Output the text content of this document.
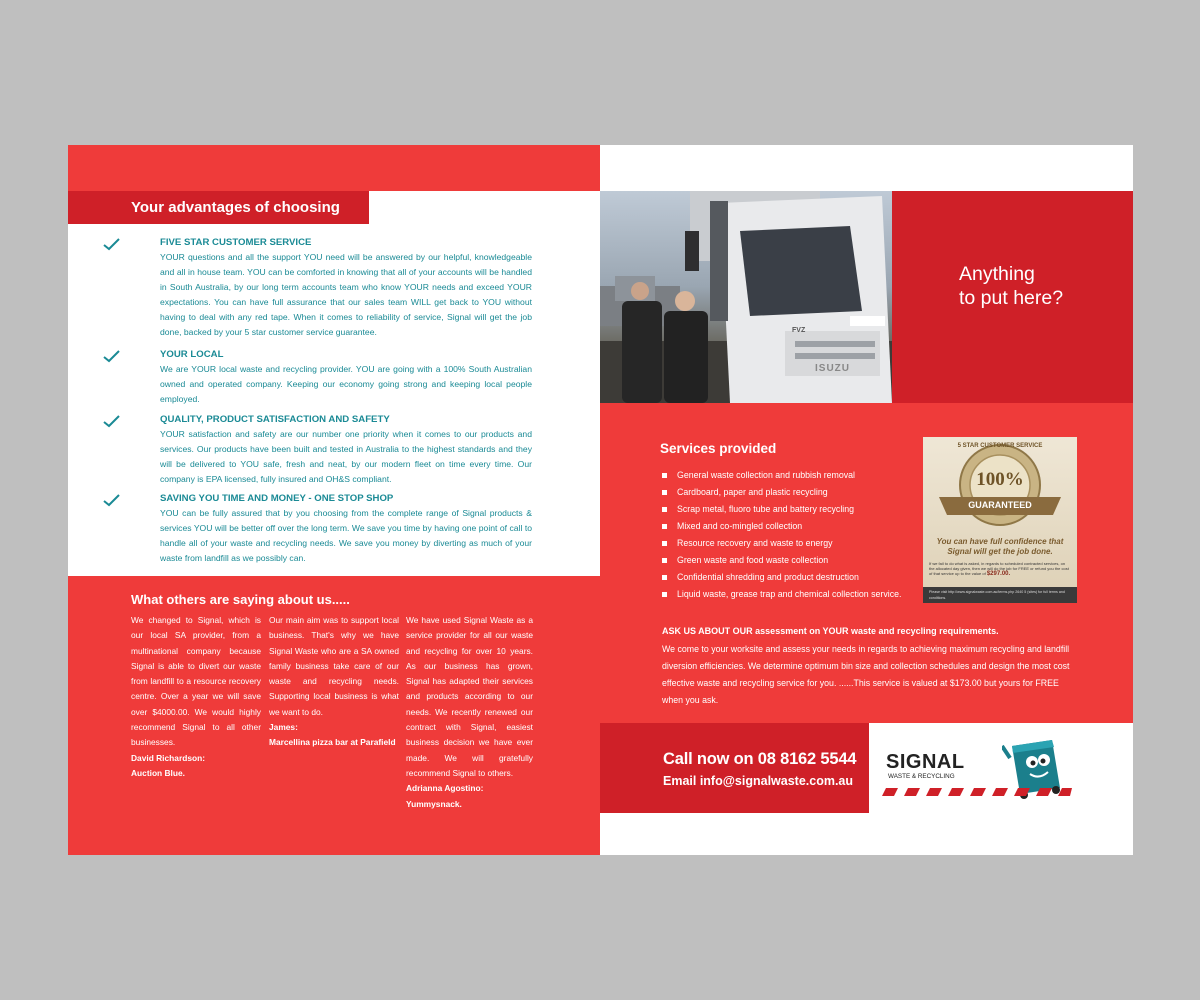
Your advantages of choosing Signal
FIVE STAR CUSTOMER SERVICE
YOUR questions and all the support YOU need will be answered by our helpful, knowledgeable and all in house team. YOU can be comforted in knowing that all of your accounts will be handled in South Australia, by our long term accounts team who know YOUR needs and exceed YOUR expectations. You can have full assurance that our sales team WILL get back to YOU without having to deal with any red tape. When it comes to reliability of service, Signal will get the job done, backed by your 5 star customer service guarantee.
YOUR LOCAL
We are YOUR local waste and recycling provider. YOU are going with a 100% South Australian owned and operated company. Keeping our economy going strong and keeping local people employed.
QUALITY, PRODUCT SATISFACTION AND SAFETY
YOUR satisfaction and safety are our number one priority when it comes to our products and services. Our products have been built and tested in Australia to the highest standards and they will be delivered to YOU safe, fresh and neat, by our modern fleet on time every time. Our company is EPA licensed, fully insured and OH&S compliant.
SAVING YOU TIME AND MONEY - ONE STOP SHOP
YOU can be fully assured that by you choosing from the complete range of Signal products & services YOU will be better off over the long term. We save you time by having one point of call to handle all of your waste and recycling needs. We save you money by diverting as much of your waste from landfill as we possibly can.
What others are saying about us.....
We changed to Signal, which is our local SA provider, from a multinational company because Signal is able to divert our waste from landfill to a resource recovery centre. Over a year we will save over $4000.00. We would highly recommend Signal to all other businesses.
David Richardson:
Auction Blue.
Our main aim was to support local business. That's why we have Signal Waste who are a SA owned family business take care of our waste and recycling needs. Supporting local business is what we want to do.
James:
Marcellina pizza bar at Parafield
We have used Signal Waste as a service provider for all our waste and recycling for over 10 years. As our business has grown, Signal has adapted their services and products according to our needs. We recently renewed our contract with Signal, easiest business decision we have ever made. We will gratefully recommend Signal to others.
Adrianna Agostino:
Yummysnack.
FVZ
ISUZU
Anything
to put here?
Services provided
General waste collection and rubbish removal
Cardboard, paper and plastic recycling
Scrap metal, fluoro tube and battery recycling
Mixed and co-mingled collection
Resource recovery and waste to energy
Green waste and food waste collection
Confidential shredding and product destruction
Liquid waste, grease trap and chemical collection service.
5 STAR CUSTOMER SERVICE
100%
GUARANTEED
You can have full confidence that Signal will get the job done.
If we fail to do what is asked, in regards to scheduled contracted services, on the allocated day given, then we will do the job for FREE or refund you the cost of that service up to the value of $297.00.
Please visit http://www.signalwaste.com.au/terms.php 2640 5 (sites) for full terms and conditions.
ASK US ABOUT OUR assessment on YOUR waste and recycling requirements.
We come to your worksite and assess your needs in regards to achieving maximum recycling and landfill diversion efficiencies. We determine optimum bin size and collection schedules and design the most cost effective waste and recycling service for you. ......This service is valued at $173.00 but yours for FREE when you ask.
Call now on 08 8162 5544
Email info@signalwaste.com.au
SIGNAL
WASTE & RECYCLING
